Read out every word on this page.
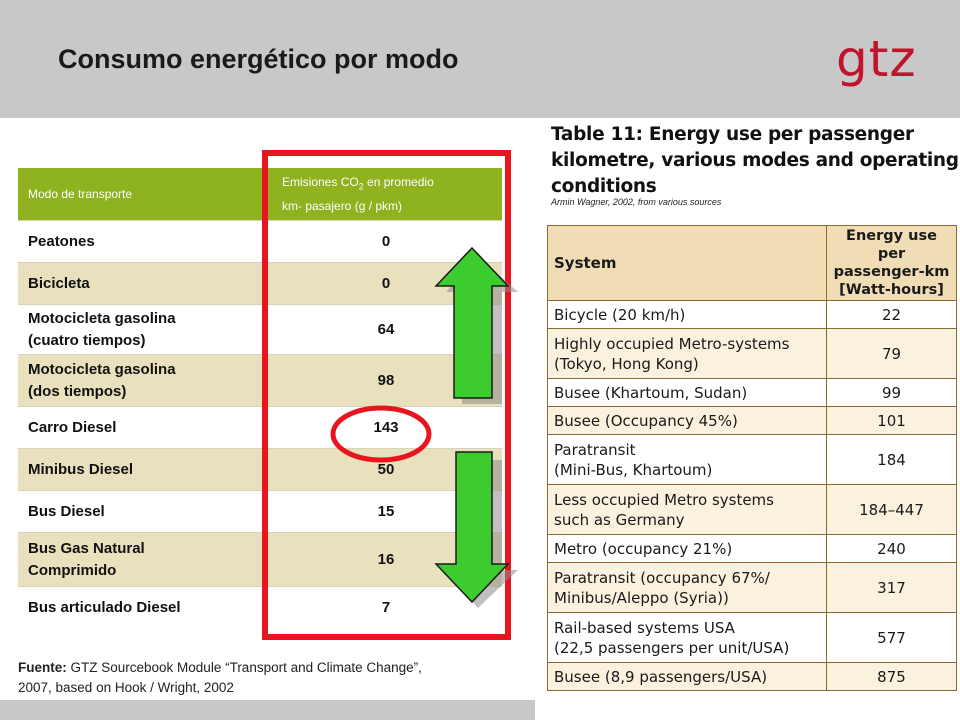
Consumo energético por modo	gtz
Modo de transporte	Emisiones $CO_2$ en promedio
km- pasajero (g / pkm)
Peatones	0
Bicicleta	0
Motocicleta gasolina
(cuatro tiempos)	64
Motocicleta gasolina
(dos tiempos)	98
Carro Diesel	143
Minibus Diesel	50
Bus Diesel	15
Bus Gas Natural
Comprimido	16
Bus articulado Diesel	7
Fuente: GTZ Sourcebook Module “Transport and Climate Change”,
2007, based on Hook / Wright, 2002
Table 11: Energy use per passenger
kilometre, various modes and operating
conditions
Armin Wagner, 2002, from various sources
System	Energy use per
passenger-km
[Watt-hours]
Bicycle (20 km/h)	22
Highly occupied Metro-systems
(Tokyo, Hong Kong)	79
Busee (Khartoum, Sudan)	99
Busee (Occupancy 45%)	101
Paratransit
(Mini-Bus, Khartoum)	184
Less occupied Metro systems
such as Germany	184–447
Metro (occupancy 21%)	240
Paratransit (occupancy 67%/
Minibus/Aleppo (Syria))	317
Rail-based systems USA
(22,5 passengers per unit/USA)	577
Busee (8,9 passengers/USA)	875
